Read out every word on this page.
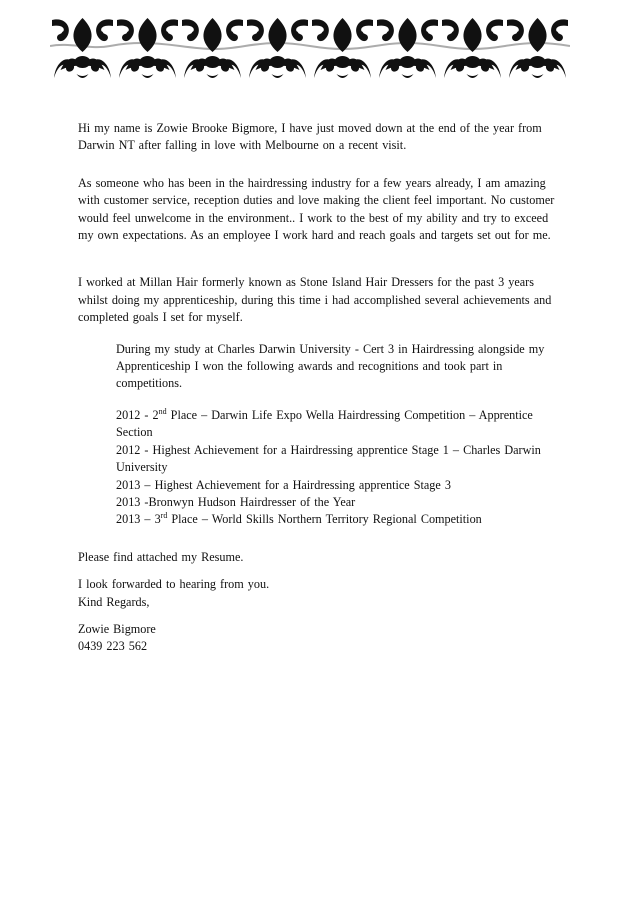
Hi my name is Zowie Brooke Bigmore, I have just moved down at the end of the year from Darwin NT after falling in love with Melbourne on a recent visit.

As someone who has been in the hairdressing industry for a few years already, I am amazing with customer service, reception duties and love making the client feel important. No customer would feel unwelcome in the environment.. I work to the best of my ability and try to exceed my own expectations. As an employee I work hard and reach goals and targets set out for me.

I worked at Millan Hair formerly known as Stone Island Hair Dressers for the past 3 years whilst doing my apprenticeship, during this time i had accomplished several achievements and completed goals I set for myself.

During my study at Charles Darwin University - Cert 3 in Hairdressing alongside my Apprenticeship I won the following awards and recognitions and took part in competitions.

2012 - 2nd Place – Darwin Life Expo Wella Hairdressing Competition – Apprentice Section

2012 - Highest Achievement for a Hairdressing apprentice Stage 1 – Charles Darwin University

2013 – Highest Achievement for a Hairdressing apprentice Stage 3

2013 -Bronwyn Hudson Hairdresser of the Year

2013 – 3rd Place – World Skills Northern Territory Regional Competition

Please find attached my Resume.

I look forwarded to hearing from you.

Kind Regards,

Zowie Bigmore

0439 223 562
